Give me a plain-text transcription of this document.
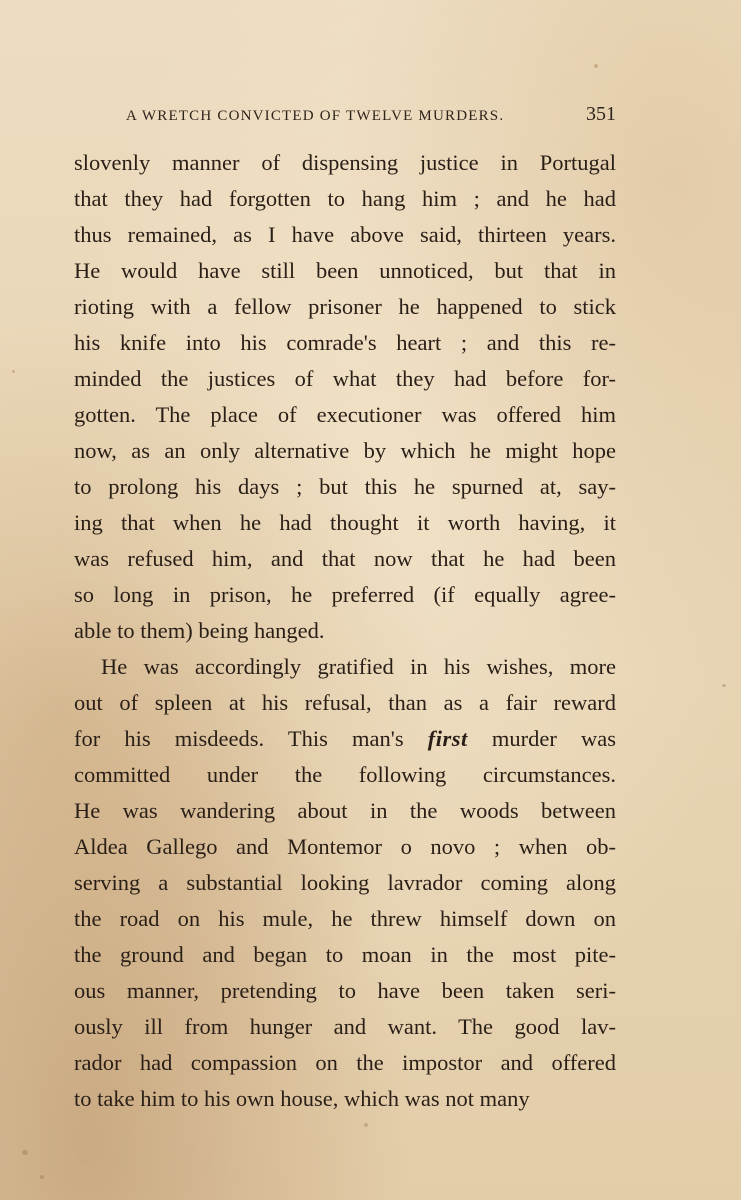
A WRETCH CONVICTED OF TWELVE MURDERS.	351
slovenly manner of dispensing justice in Portugal
that they had forgotten to hang him ; and he had
thus remained, as I have above said, thirteen years.
He would have still been unnoticed, but that in
rioting with a fellow prisoner he happened to stick
his knife into his comrade's heart ; and this re-
minded the justices of what they had before for-
gotten. The place of executioner was offered him
now, as an only alternative by which he might hope
to prolong his days ; but this he spurned at, say-
ing that when he had thought it worth having, it
was refused him, and that now that he had been
so long in prison, he preferred (if equally agree-
able to them) being hanged.
He was accordingly gratified in his wishes, more
out of spleen at his refusal, than as a fair reward
for his misdeeds. This man's first murder was
committed under the following circumstances.
He was wandering about in the woods between
Aldea Gallego and Montemor o novo ; when ob-
serving a substantial looking lavrador coming along
the road on his mule, he threw himself down on
the ground and began to moan in the most pite-
ous manner, pretending to have been taken seri-
ously ill from hunger and want. The good lav-
rador had compassion on the impostor and offered
to take him to his own house, which was not many
